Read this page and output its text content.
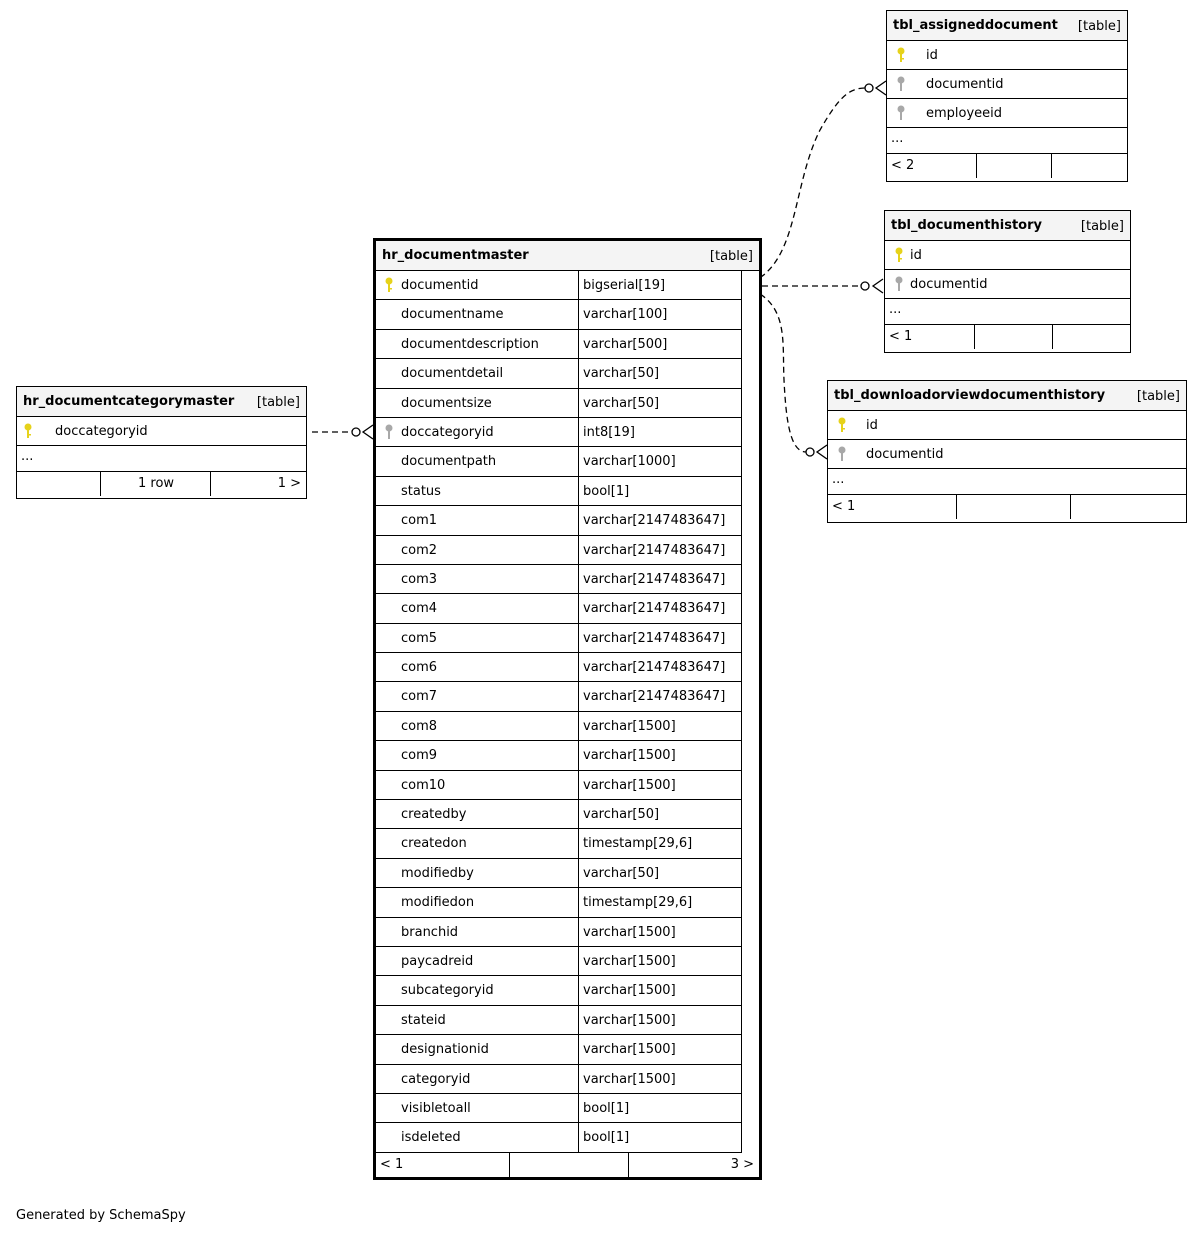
hr_documentmaster	[table]
documentid	bigserial[19]
documentname	varchar[100]
documentdescription	varchar[500]
documentdetail	varchar[50]
documentsize	varchar[50]
doccategoryid	int8[19]
documentpath	varchar[1000]
status	bool[1]
com1	varchar[2147483647]
com2	varchar[2147483647]
com3	varchar[2147483647]
com4	varchar[2147483647]
com5	varchar[2147483647]
com6	varchar[2147483647]
com7	varchar[2147483647]
com8	varchar[1500]
com9	varchar[1500]
com10	varchar[1500]
createdby	varchar[50]
createdon	timestamp[29,6]
modifiedby	varchar[50]
modifiedon	timestamp[29,6]
branchid	varchar[1500]
paycadreid	varchar[1500]
subcategoryid	varchar[1500]
stateid	varchar[1500]
designationid	varchar[1500]
categoryid	varchar[1500]
visibletoall	bool[1]
isdeleted	bool[1]
< 1	3 >
hr_documentcategorymaster [table]
doccategoryid
...
1 row	1 >
tbl_assigneddocument [table]
id
documentid
employeeid
...
< 2
tbl_documenthistory	[table]
id
documentid
...
< 1
tbl_downloadorviewdocumenthistory [table]
id
documentid
...
< 1
Generated by SchemaSpy
